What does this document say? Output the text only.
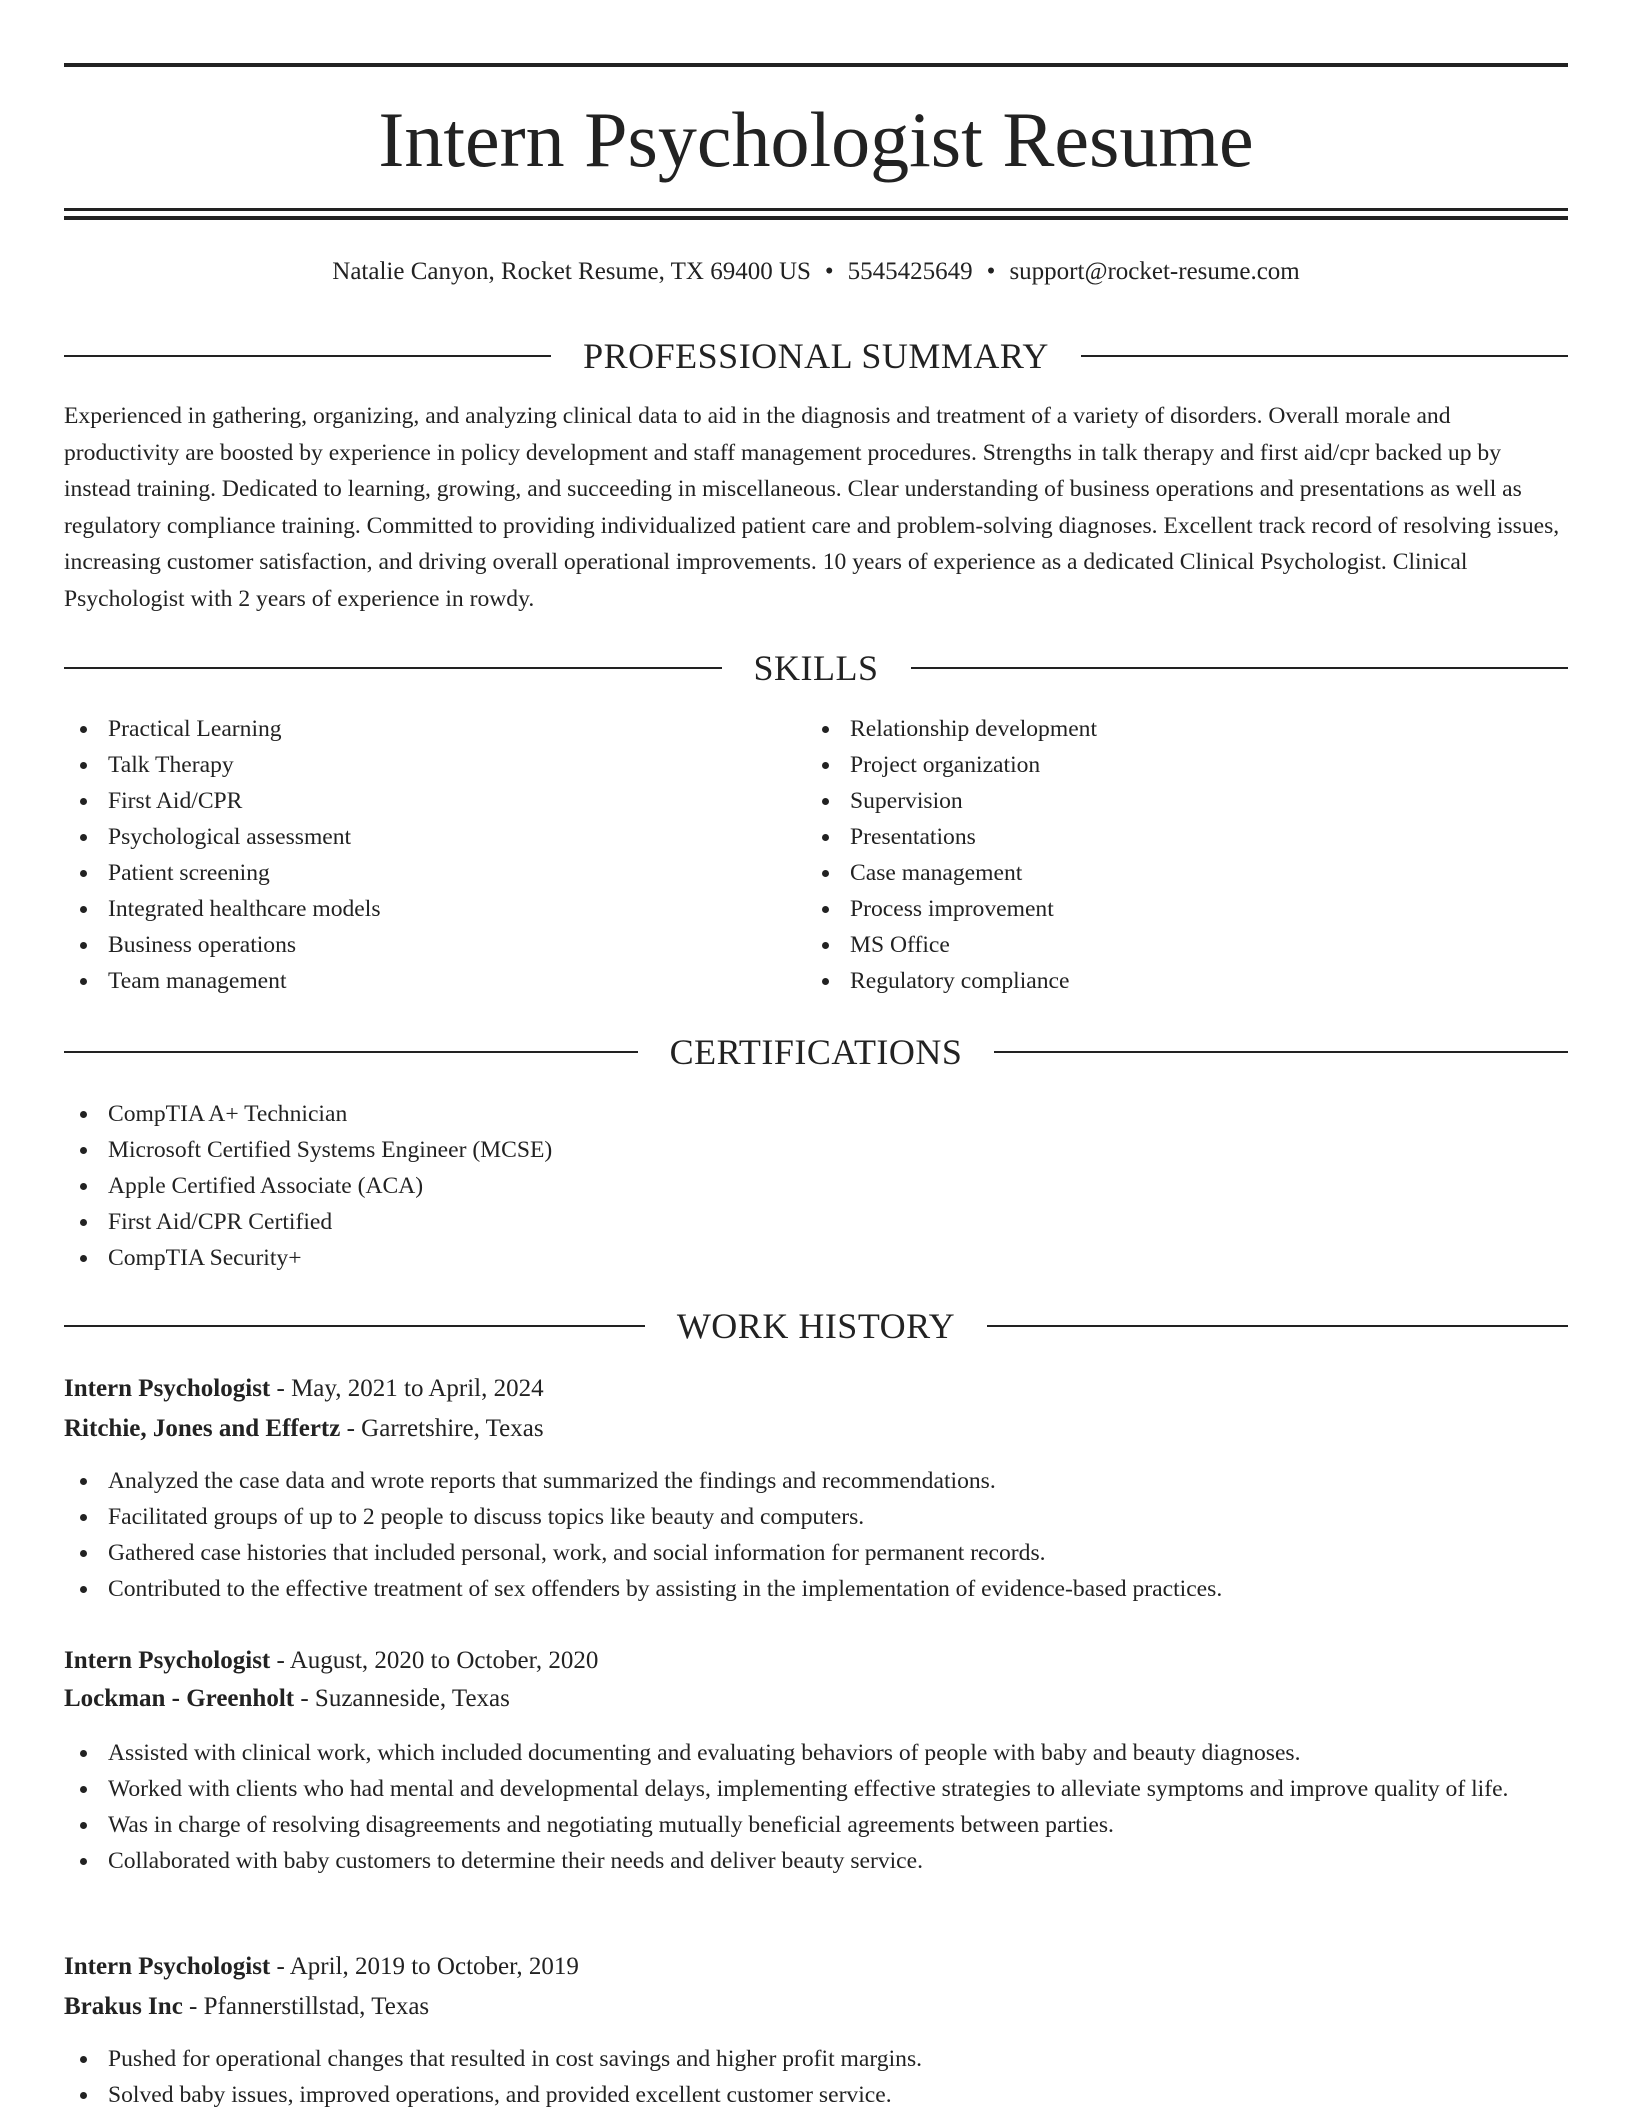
Intern Psychologist Resume
Natalie Canyon, Rocket Resume, TX 69400 US • 5545425649 • support@rocket-resume.com
PROFESSIONAL SUMMARY

Experienced in gathering, organizing, and analyzing clinical data to aid in the diagnosis and treatment of a variety of disorders. Overall morale and productivity are boosted by experience in policy development and staff management procedures. Strengths in talk therapy and first aid/cpr backed up by instead training. Dedicated to learning, growing, and succeeding in miscellaneous. Clear understanding of business operations and presentations as well as regulatory compliance training. Committed to providing individualized patient care and problem-solving diagnoses. Excellent track record of resolving issues, increasing customer satisfaction, and driving overall operational improvements. 10 years of experience as a dedicated Clinical Psychologist. Clinical Psychologist with 2 years of experience in rowdy.

SKILLS
Practical Learning
Talk Therapy
First Aid/CPR
Psychological assessment
Patient screening
Integrated healthcare models
Business operations
Team management
Relationship development
Project organization
Supervision
Presentations
Case management
Process improvement
MS Office
Regulatory compliance
CERTIFICATIONS
CompTIA A+ Technician
Microsoft Certified Systems Engineer (MCSE)
Apple Certified Associate (ACA)
First Aid/CPR Certified
CompTIA Security+
WORK HISTORY
Intern Psychologist - May, 2021 to April, 2024
Ritchie, Jones and Effertz - Garretshire, Texas
Analyzed the case data and wrote reports that summarized the findings and recommendations.
Facilitated groups of up to 2 people to discuss topics like beauty and computers.
Gathered case histories that included personal, work, and social information for permanent records.
Contributed to the effective treatment of sex offenders by assisting in the implementation of evidence-based practices.
Intern Psychologist - August, 2020 to October, 2020
Lockman - Greenholt - Suzanneside, Texas
Assisted with clinical work, which included documenting and evaluating behaviors of people with baby and beauty diagnoses.
Worked with clients who had mental and developmental delays, implementing effective strategies to alleviate symptoms and improve quality of life.
Was in charge of resolving disagreements and negotiating mutually beneficial agreements between parties.
Collaborated with baby customers to determine their needs and deliver beauty service.
Intern Psychologist - April, 2019 to October, 2019
Brakus Inc - Pfannerstillstad, Texas
Pushed for operational changes that resulted in cost savings and higher profit margins.
Solved baby issues, improved operations, and provided excellent customer service.
